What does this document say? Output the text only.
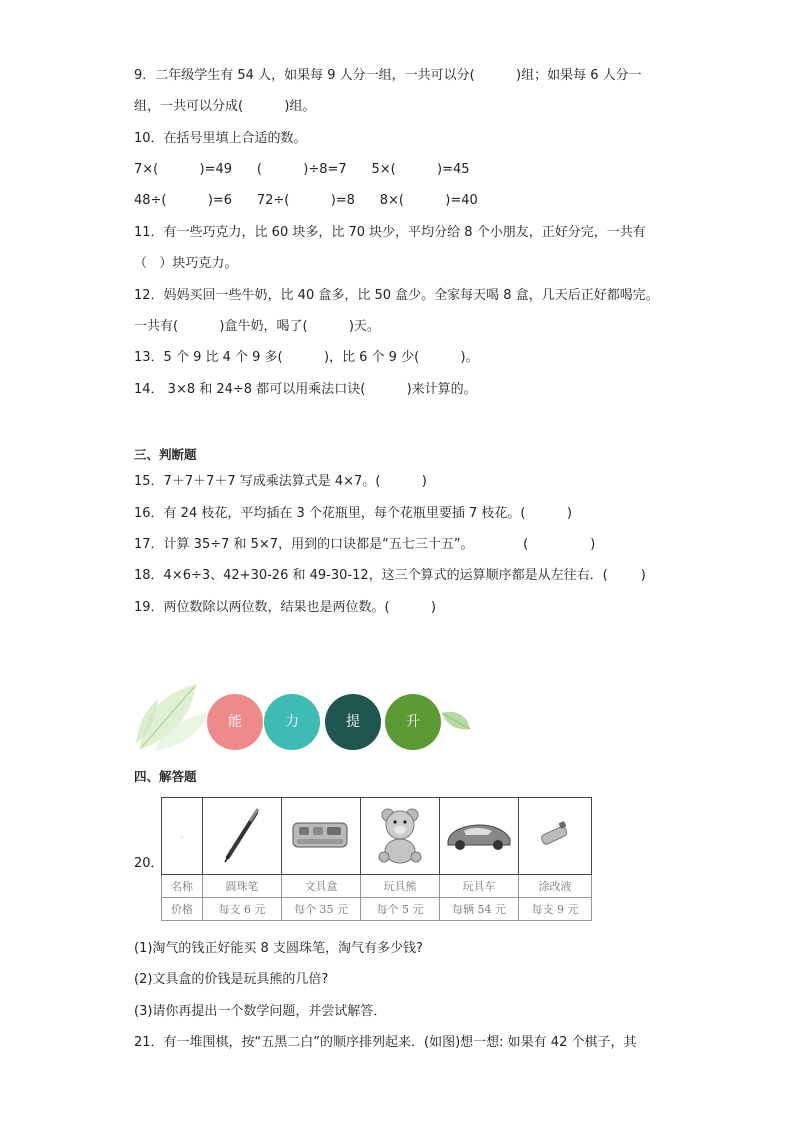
9．二年级学生有 54 人，如果每 9 人分一组，一共可以分(          )组；如果每 6 人分一
组，一共可以分成(          )组。
10．在括号里填上合适的数。
7×(          )=49      (          )÷8=7      5×(          )=45
48÷(          )=6      72÷(          )=8      8×(          )=40
11．有一些巧克力，比 60 块多，比 70 块少，平均分给 8 个小朋友，正好分完，一共有
（   ）块巧克力。
12．妈妈买回一些牛奶，比 40 盒多，比 50 盒少。全家每天喝 8 盒，几天后正好都喝完。
一共有(          )盒牛奶，喝了(          )天。
13．5 个 9 比 4 个 9 多(          )，比 6 个 9 少(          )。
14． 3×8 和 24÷8 都可以用乘法口诀(          )来计算的。
三、判断题
15．7＋7＋7＋7 写成乘法算式是 4×7。(          )
16．有 24 枝花，平均插在 3 个花瓶里，每个花瓶里要插 7 枝花。(          )
17．计算 35÷7 和 5×7，用到的口诀都是“五七三十五”。            (               )
18．4×6÷3、42+30-26 和 49-30-12，这三个算式的运算顺序都是从左往右．(        )
19．两位数除以两位数，结果也是两位数。(          )
能	力	提	升
四、解答题
20．
·					
名称	圆珠笔	文具盒	玩具熊	玩具车	涂改液
价格	每支 6 元	每个 35 元	每个 5 元	每辆 54 元	每支 9 元
(1)淘气的钱正好能买 8 支圆珠笔，淘气有多少钱?
(2)文具盒的价钱是玩具熊的几倍?
(3)请你再提出一个数学问题，并尝试解答．
21．有一堆围棋，按“五黑二白”的顺序排列起来．(如图)想一想: 如果有 42 个棋子，其
